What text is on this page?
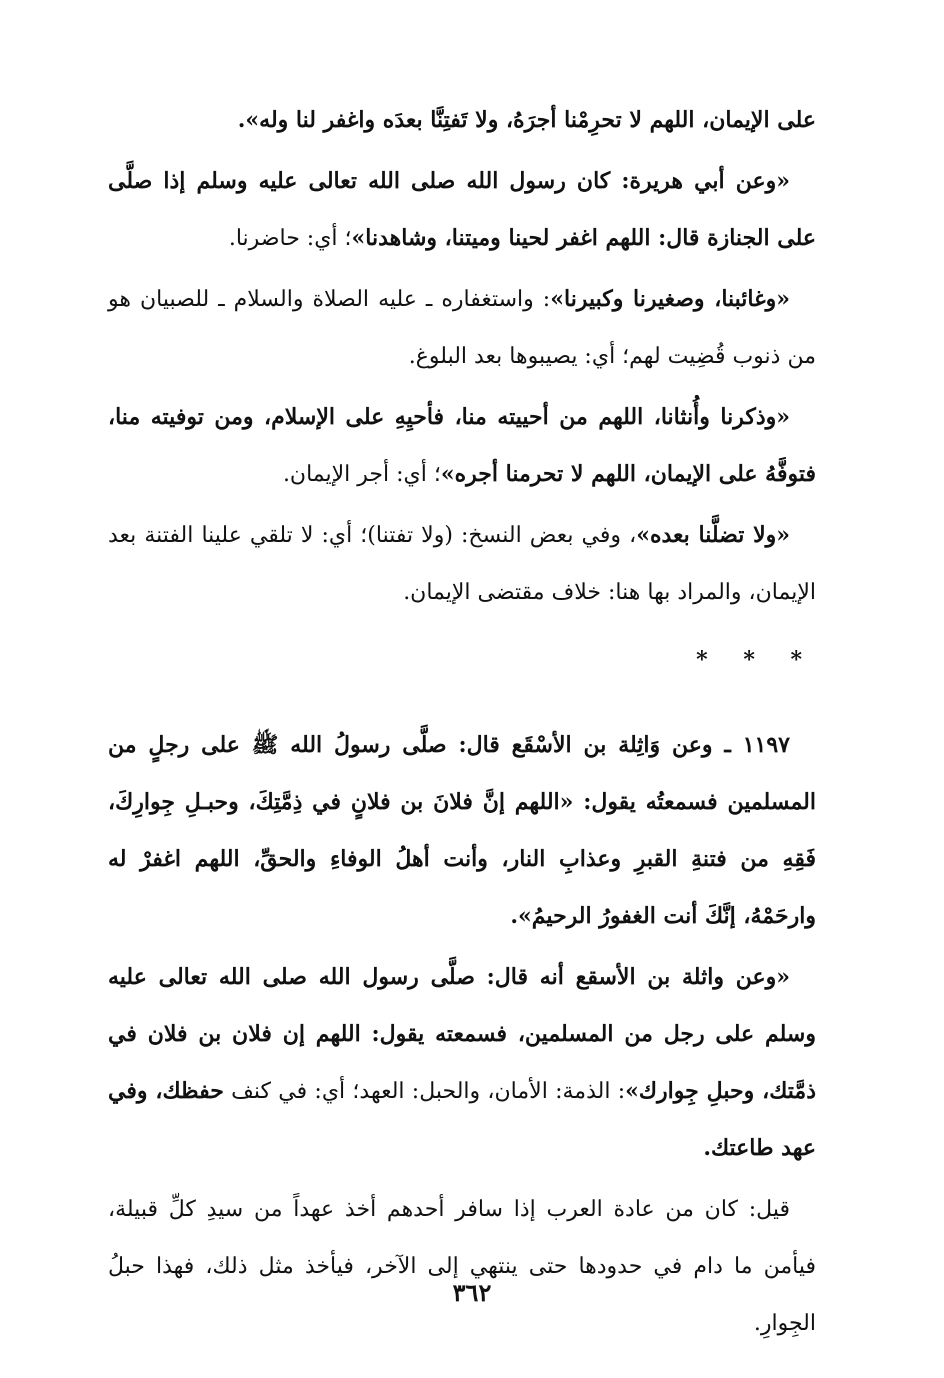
على الإيمان، اللهم لا تحرِمْنا أجرَهُ، ولا تَفتِنَّا بعدَه واغفر لنا وله».
«وعن أبي هريرة: كان رسول الله صلى الله تعالى عليه وسلم إذا صلَّى على الجنازة قال: اللهم اغفر لحينا وميتنا، وشاهدنا»؛ أي: حاضرنا.
«وغائبنا، وصغيرنا وكبيرنا»: واستغفاره ـ عليه الصلاة والسلام ـ للصبيان هو من ذنوب قُضِيت لهم؛ أي: يصيبوها بعد البلوغ.
«وذكرنا وأُنثانا، اللهم من أحييته منا، فأحيِهِ على الإسلام، ومن توفيته منا، فتوفَّهُ على الإيمان، اللهم لا تحرمنا أجره»؛ أي: أجر الإيمان.
«ولا تضلَّنا بعده»، وفي بعض النسخ: (ولا تفتنا)؛ أي: لا تلقي علينا الفتنة بعد الإيمان، والمراد بها هنا: خلاف مقتضى الإيمان.
* * *
١١٩٧ ـ وعن وَاثِلة بن الأسْقَع قال: صلَّى رسولُ الله ﷺ على رجلٍ من المسلمين فسمعتُه يقول: «اللهم إنَّ فلانَ بن فلانٍ في ذِمَّتِكَ، وحبـلِ جِوارِكَ، فَقِهِ من فتنةِ القبرِ وعذابِ النار، وأنت أهلُ الوفاءِ والحقِّ، اللهم اغفرْ له وارحَمْهُ، إنَّكَ أنت الغفورُ الرحيمُ».
«وعن واثلة بن الأسقع أنه قال: صلَّى رسول الله صلى الله تعالى عليه وسلم على رجل من المسلمين، فسمعته يقول: اللهم إن فلان بن فلان في ذمَّتك، وحبلِ جِوارك»: الذمة: الأمان، والحبل: العهد؛ أي: في كنف حفظك، وفي عهد طاعتك.
قيل: كان من عادة العرب إذا سافر أحدهم أخذ عهداً من سيدِ كلِّ قبيلة، فيأمن ما دام في حدودها حتى ينتهي إلى الآخر، فيأخذ مثل ذلك، فهذا حبلُ الجِوارِ.
٣٦٢
